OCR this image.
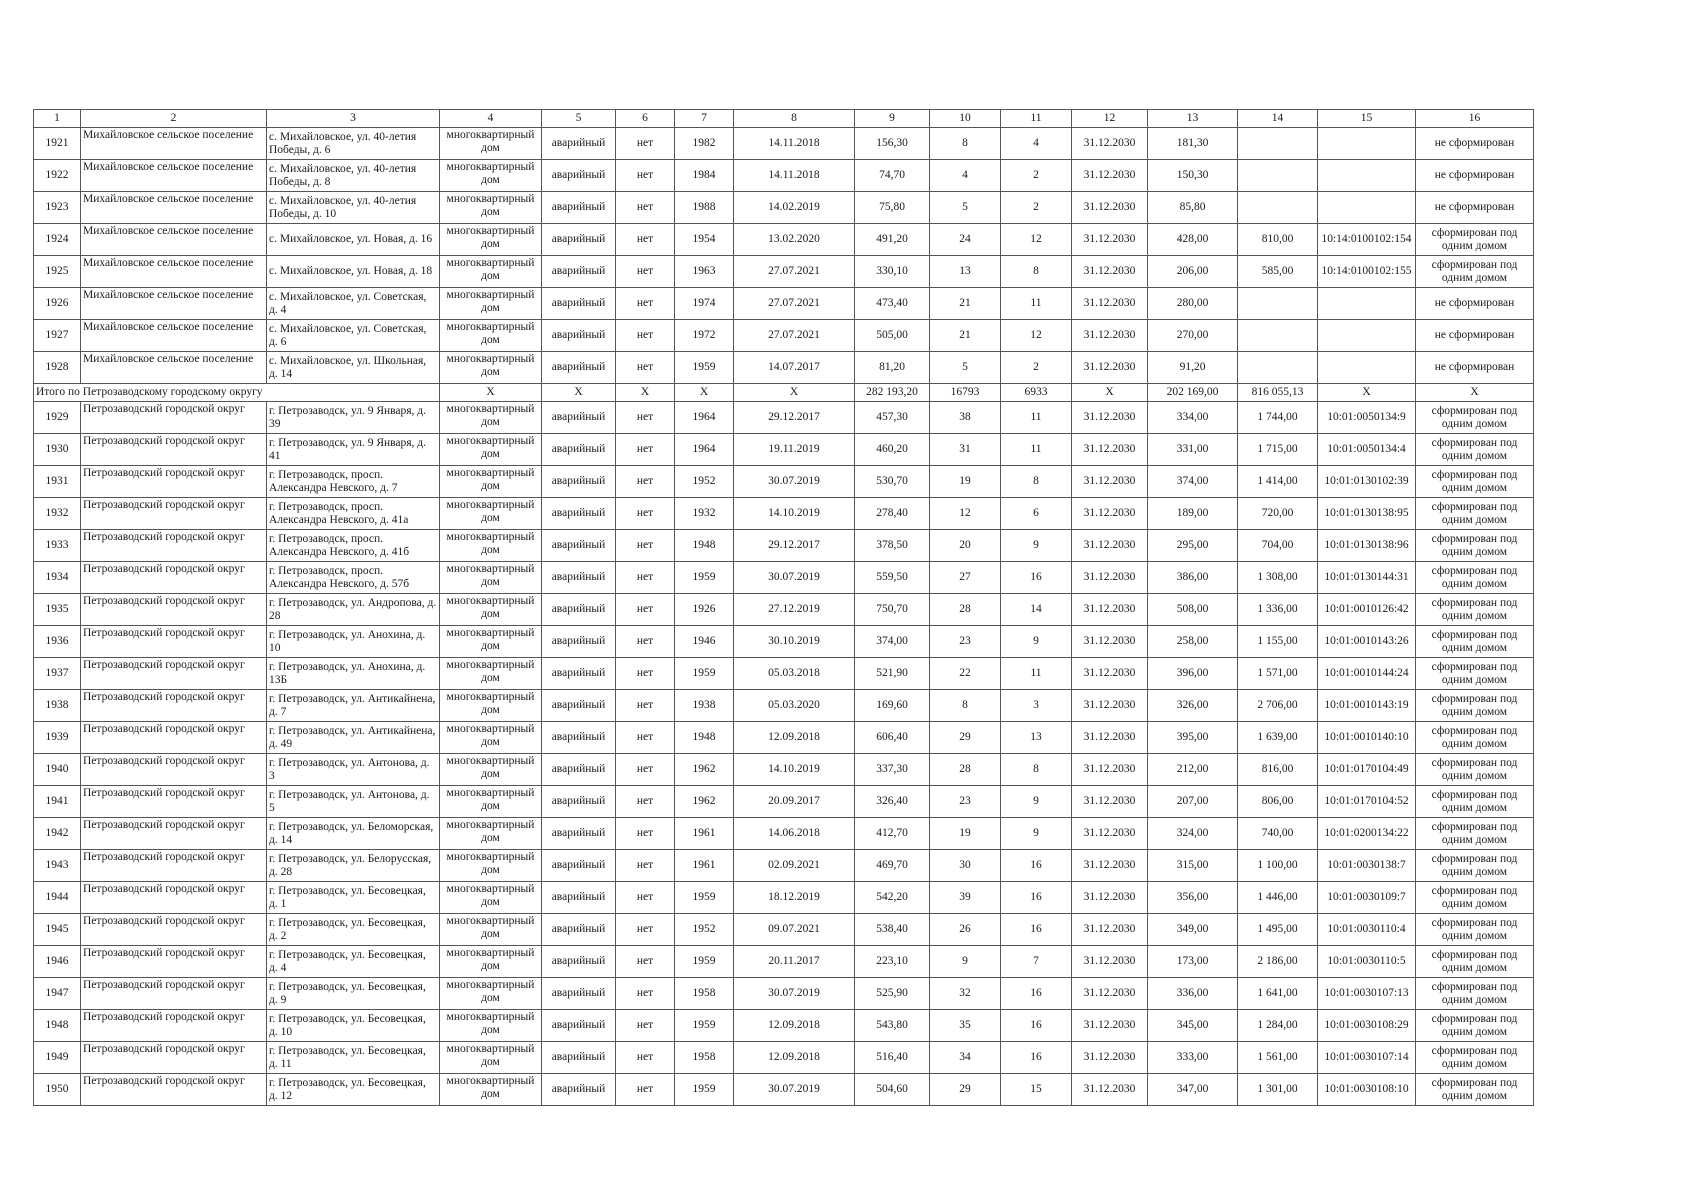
1	2	3	4	5	6	7	8	9	10	11	12	13	14	15	16
1921	Михайловское сельское поселение	с. Михайловское, ул. 40-летия Победы, д. 6	многоквартирный дом	аварийный	нет	1982	14.11.2018	156,30	8	4	31.12.2030	181,30			не сформирован
1922	Михайловское сельское поселение	с. Михайловское, ул. 40-летия Победы, д. 8	многоквартирный дом	аварийный	нет	1984	14.11.2018	74,70	4	2	31.12.2030	150,30			не сформирован
1923	Михайловское сельское поселение	с. Михайловское, ул. 40-летия Победы, д. 10	многоквартирный дом	аварийный	нет	1988	14.02.2019	75,80	5	2	31.12.2030	85,80			не сформирован
1924	Михайловское сельское поселение	с. Михайловское, ул. Новая, д. 16	многоквартирный дом	аварийный	нет	1954	13.02.2020	491,20	24	12	31.12.2030	428,00	810,00	10:14:0100102:154	сформирован под одним домом
1925	Михайловское сельское поселение	с. Михайловское, ул. Новая, д. 18	многоквартирный дом	аварийный	нет	1963	27.07.2021	330,10	13	8	31.12.2030	206,00	585,00	10:14:0100102:155	сформирован под одним домом
1926	Михайловское сельское поселение	с. Михайловское, ул. Советская, д. 4	многоквартирный дом	аварийный	нет	1974	27.07.2021	473,40	21	11	31.12.2030	280,00			не сформирован
1927	Михайловское сельское поселение	с. Михайловское, ул. Советская, д. 6	многоквартирный дом	аварийный	нет	1972	27.07.2021	505,00	21	12	31.12.2030	270,00			не сформирован
1928	Михайловское сельское поселение	с. Михайловское, ул. Школьная, д. 14	многоквартирный дом	аварийный	нет	1959	14.07.2017	81,20	5	2	31.12.2030	91,20			не сформирован
Итого по Петрозаводскому городскому округу			Х	Х	Х	Х	Х	282 193,20	16793	6933	Х	202 169,00	816 055,13	Х	Х
1929	Петрозаводский городской округ	г. Петрозаводск, ул. 9 Января, д. 39	многоквартирный дом	аварийный	нет	1964	29.12.2017	457,30	38	11	31.12.2030	334,00	1 744,00	10:01:0050134:9	сформирован под одним домом
1930	Петрозаводский городской округ	г. Петрозаводск, ул. 9 Января, д. 41	многоквартирный дом	аварийный	нет	1964	19.11.2019	460,20	31	11	31.12.2030	331,00	1 715,00	10:01:0050134:4	сформирован под одним домом
1931	Петрозаводский городской округ	г. Петрозаводск, просп. Александра Невского, д. 7	многоквартирный дом	аварийный	нет	1952	30.07.2019	530,70	19	8	31.12.2030	374,00	1 414,00	10:01:0130102:39	сформирован под одним домом
1932	Петрозаводский городской округ	г. Петрозаводск, просп. Александра Невского, д. 41а	многоквартирный дом	аварийный	нет	1932	14.10.2019	278,40	12	6	31.12.2030	189,00	720,00	10:01:0130138:95	сформирован под одним домом
1933	Петрозаводский городской округ	г. Петрозаводск, просп. Александра Невского, д. 41б	многоквартирный дом	аварийный	нет	1948	29.12.2017	378,50	20	9	31.12.2030	295,00	704,00	10:01:0130138:96	сформирован под одним домом
1934	Петрозаводский городской округ	г. Петрозаводск, просп. Александра Невского, д. 57б	многоквартирный дом	аварийный	нет	1959	30.07.2019	559,50	27	16	31.12.2030	386,00	1 308,00	10:01:0130144:31	сформирован под одним домом
1935	Петрозаводский городской округ	г. Петрозаводск, ул. Андропова, д. 28	многоквартирный дом	аварийный	нет	1926	27.12.2019	750,70	28	14	31.12.2030	508,00	1 336,00	10:01:0010126:42	сформирован под одним домом
1936	Петрозаводский городской округ	г. Петрозаводск, ул. Анохина, д. 10	многоквартирный дом	аварийный	нет	1946	30.10.2019	374,00	23	9	31.12.2030	258,00	1 155,00	10:01:0010143:26	сформирован под одним домом
1937	Петрозаводский городской округ	г. Петрозаводск, ул. Анохина, д. 13Б	многоквартирный дом	аварийный	нет	1959	05.03.2018	521,90	22	11	31.12.2030	396,00	1 571,00	10:01:0010144:24	сформирован под одним домом
1938	Петрозаводский городской округ	г. Петрозаводск, ул. Антикайнена, д. 7	многоквартирный дом	аварийный	нет	1938	05.03.2020	169,60	8	3	31.12.2030	326,00	2 706,00	10:01:0010143:19	сформирован под одним домом
1939	Петрозаводский городской округ	г. Петрозаводск, ул. Антикайнена, д. 49	многоквартирный дом	аварийный	нет	1948	12.09.2018	606,40	29	13	31.12.2030	395,00	1 639,00	10:01:0010140:10	сформирован под одним домом
1940	Петрозаводский городской округ	г. Петрозаводск, ул. Антонова, д. 3	многоквартирный дом	аварийный	нет	1962	14.10.2019	337,30	28	8	31.12.2030	212,00	816,00	10:01:0170104:49	сформирован под одним домом
1941	Петрозаводский городской округ	г. Петрозаводск, ул. Антонова, д. 5	многоквартирный дом	аварийный	нет	1962	20.09.2017	326,40	23	9	31.12.2030	207,00	806,00	10:01:0170104:52	сформирован под одним домом
1942	Петрозаводский городской округ	г. Петрозаводск, ул. Беломорская, д. 14	многоквартирный дом	аварийный	нет	1961	14.06.2018	412,70	19	9	31.12.2030	324,00	740,00	10:01:0200134:22	сформирован под одним домом
1943	Петрозаводский городской округ	г. Петрозаводск, ул. Белорусская, д. 28	многоквартирный дом	аварийный	нет	1961	02.09.2021	469,70	30	16	31.12.2030	315,00	1 100,00	10:01:0030138:7	сформирован под одним домом
1944	Петрозаводский городской округ	г. Петрозаводск, ул. Бесовецкая, д. 1	многоквартирный дом	аварийный	нет	1959	18.12.2019	542,20	39	16	31.12.2030	356,00	1 446,00	10:01:0030109:7	сформирован под одним домом
1945	Петрозаводский городской округ	г. Петрозаводск, ул. Бесовецкая, д. 2	многоквартирный дом	аварийный	нет	1952	09.07.2021	538,40	26	16	31.12.2030	349,00	1 495,00	10:01:0030110:4	сформирован под одним домом
1946	Петрозаводский городской округ	г. Петрозаводск, ул. Бесовецкая, д. 4	многоквартирный дом	аварийный	нет	1959	20.11.2017	223,10	9	7	31.12.2030	173,00	2 186,00	10:01:0030110:5	сформирован под одним домом
1947	Петрозаводский городской округ	г. Петрозаводск, ул. Бесовецкая, д. 9	многоквартирный дом	аварийный	нет	1958	30.07.2019	525,90	32	16	31.12.2030	336,00	1 641,00	10:01:0030107:13	сформирован под одним домом
1948	Петрозаводский городской округ	г. Петрозаводск, ул. Бесовецкая, д. 10	многоквартирный дом	аварийный	нет	1959	12.09.2018	543,80	35	16	31.12.2030	345,00	1 284,00	10:01:0030108:29	сформирован под одним домом
1949	Петрозаводский городской округ	г. Петрозаводск, ул. Бесовецкая, д. 11	многоквартирный дом	аварийный	нет	1958	12.09.2018	516,40	34	16	31.12.2030	333,00	1 561,00	10:01:0030107:14	сформирован под одним домом
1950	Петрозаводский городской округ	г. Петрозаводск, ул. Бесовецкая, д. 12	многоквартирный дом	аварийный	нет	1959	30.07.2019	504,60	29	15	31.12.2030	347,00	1 301,00	10:01:0030108:10	сформирован под одним домом
